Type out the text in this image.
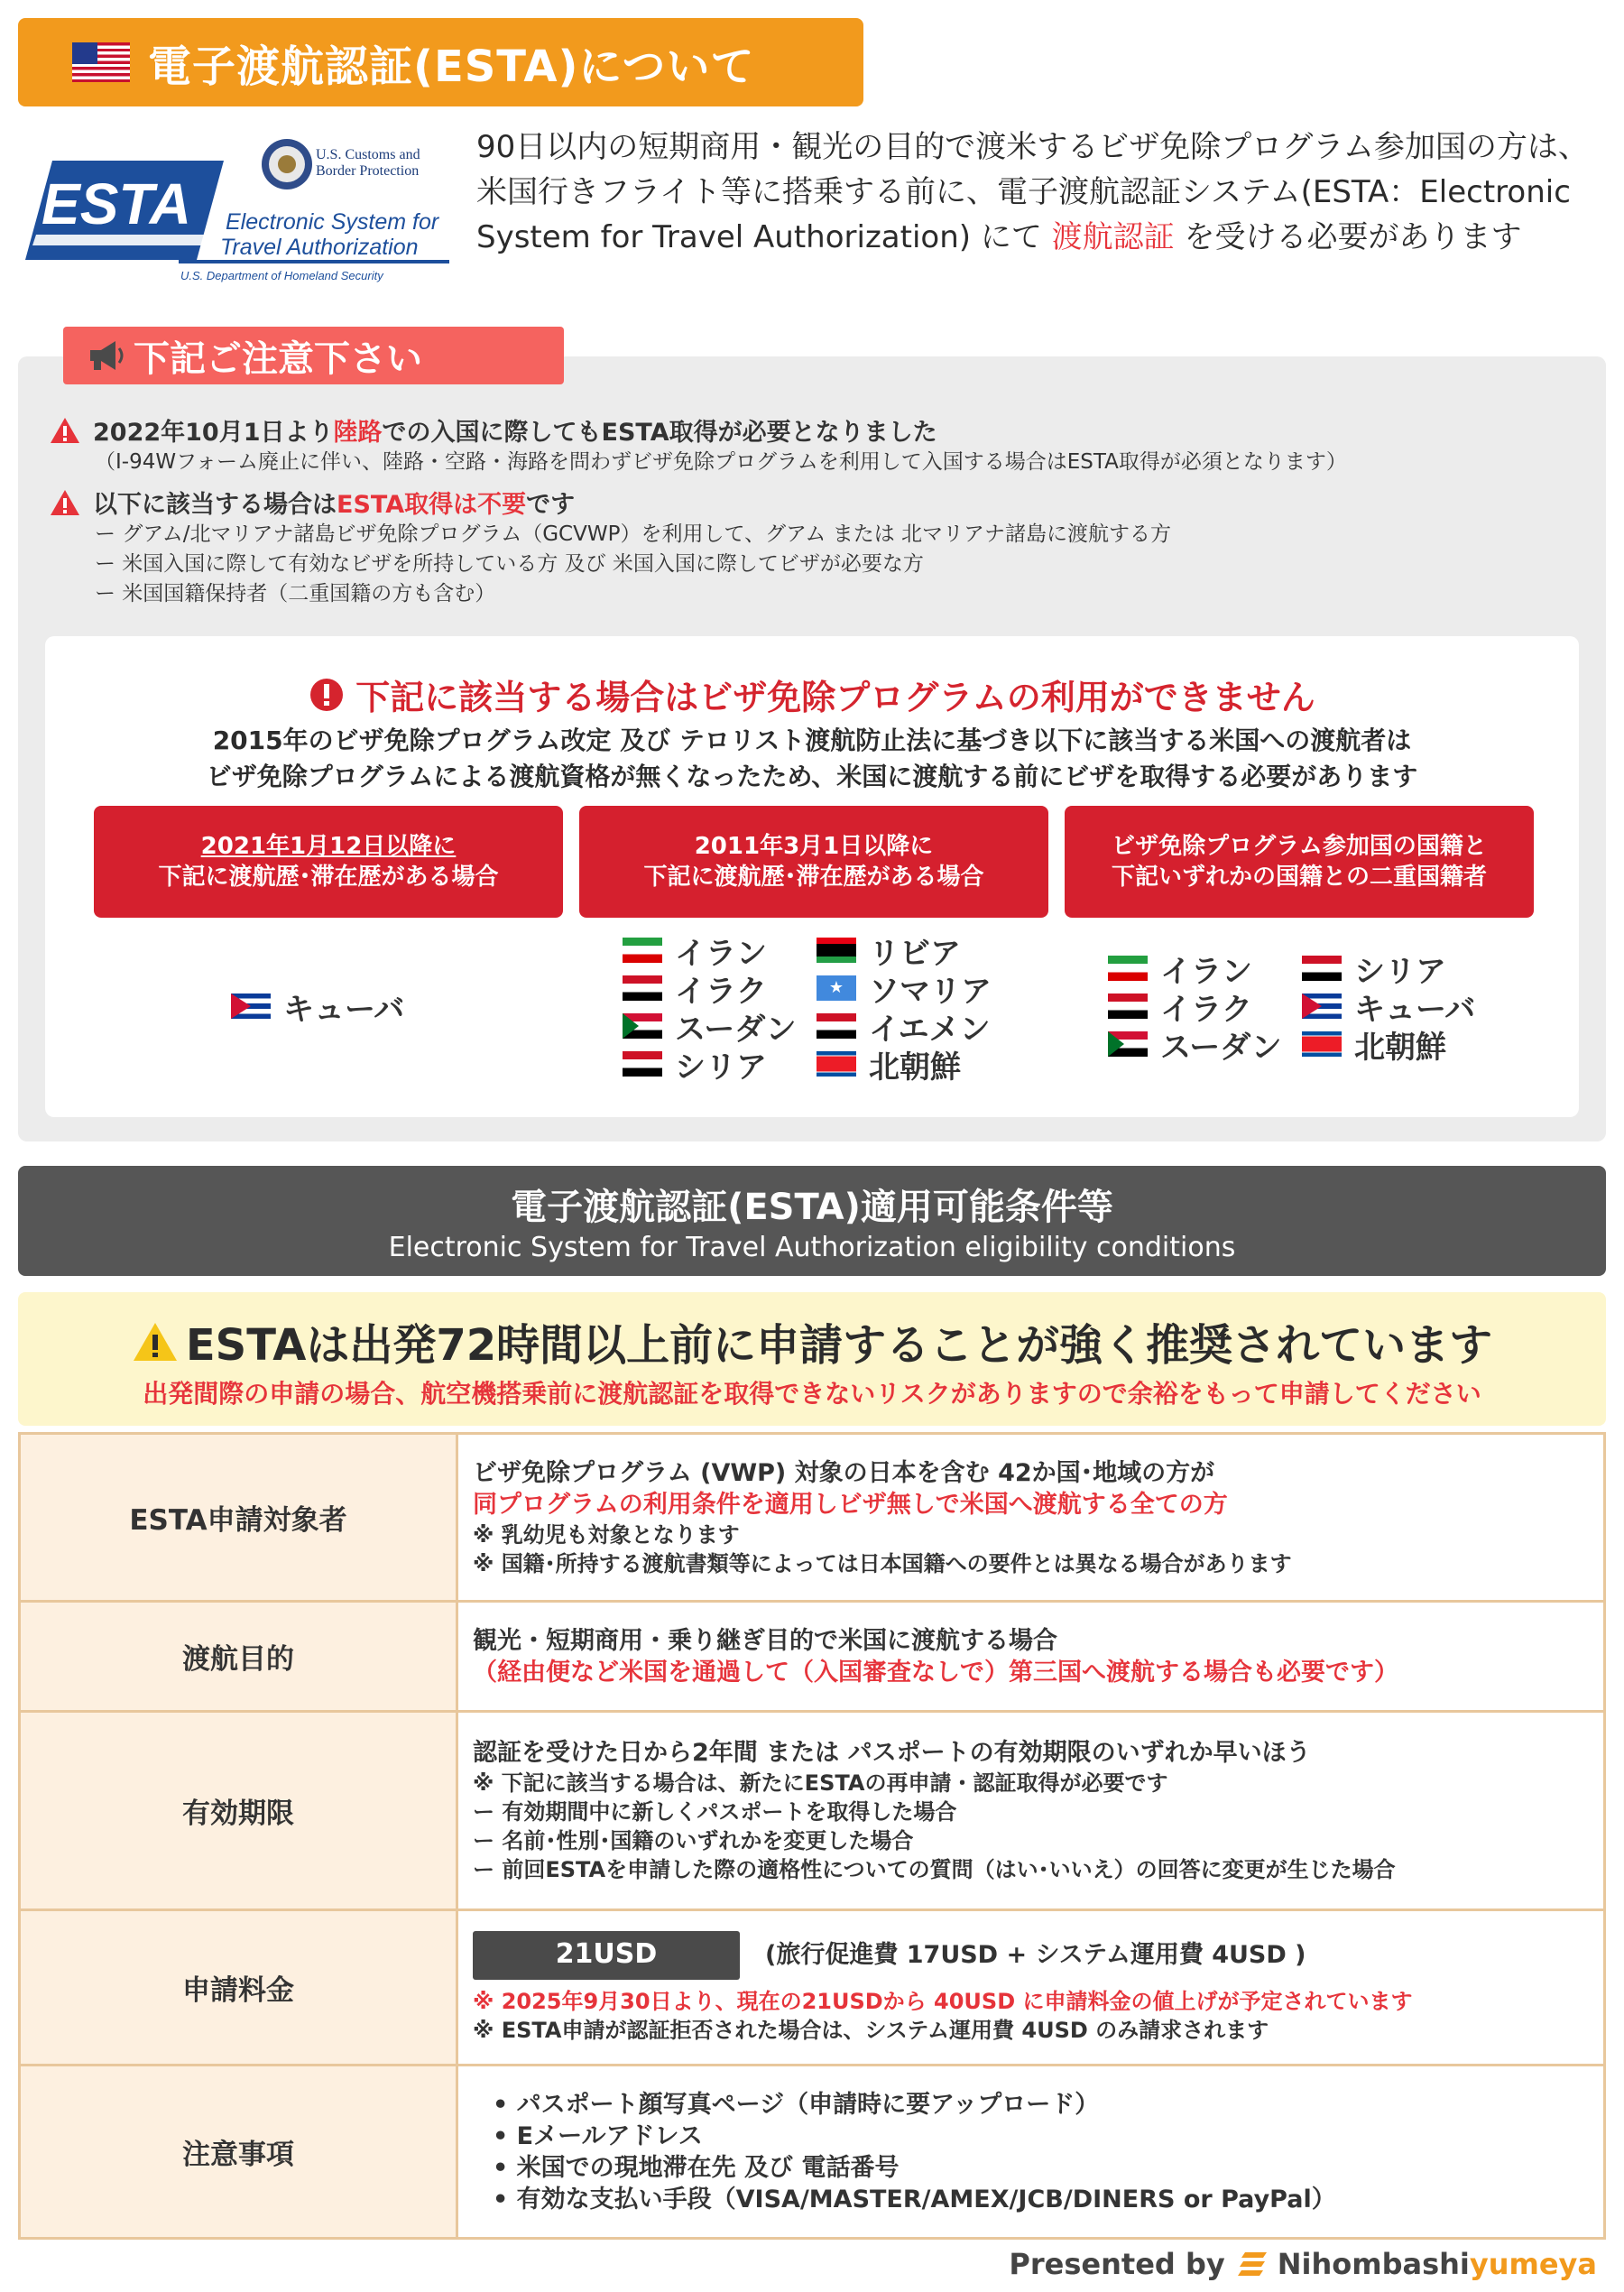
電子渡航認証(ESTA)について
ESTA Electronic System for
Travel Authorization
U.S. Department of Homeland Security
U.S. Customs and
Border Protection
90日以内の短期商用・観光の目的で渡米するビザ免除プログラム参加国の方は、米国行きフライト等に搭乗する前に、電子渡航認証システム(ESTA：Electronic System for Travel Authorization) にて 渡航認証 を受ける必要があります
下記ご注意下さい
2022年10月1日より 陸路 での入国に際してもESTA取得が必要となりました
（I-94Wフォーム廃止に伴い、陸路・空路・海路を問わずビザ免除プログラムを利用して入国する場合はESTA取得が必須となります）
以下に該当する場合は ESTA取得は不要 です
ー グアム/北マリアナ諸島ビザ免除プログラム（GCVWP）を利用して、グアム または 北マリアナ諸島に渡航する方
ー 米国入国に際して有効なビザを所持している方 及び 米国入国に際してビザが必要な方
ー 米国国籍保持者（二重国籍の方も含む）
下記に該当する場合はビザ免除プログラムの利用ができません
2015年のビザ免除プログラム改定 及び テロリスト渡航防止法に基づき以下に該当する米国への渡航者は
ビザ免除プログラムによる渡航資格が無くなったため、米国に渡航する前にビザを取得する必要があります
2021年1月12日以降に
下記に渡航歴･滞在歴がある場合
2011年3月1日以降に
下記に渡航歴･滞在歴がある場合
ビザ免除プログラム参加国の国籍と
下記いずれかの国籍との二重国籍者
キューバ
イラン
イラク
スーダン
シリア
リビア
★ ソマリア
イエメン
北朝鮮
イラン
イラク
スーダン
シリア
キューバ
北朝鮮
電子渡航認証(ESTA)適用可能条件等
Electronic System for Travel Authorization eligibility conditions
ESTAは出発72時間以上前に申請することが強く推奨されています
出発間際の申請の場合、航空機搭乗前に渡航認証を取得できないリスクがありますので余裕をもって申請してください
ESTA申請対象者	ビザ免除プログラム (VWP) 対象の日本を含む 42か国･地域の方が
同プログラムの利用条件を適用しビザ無しで米国へ渡航する全ての方
※ 乳幼児も対象となります
※ 国籍･所持する渡航書類等によっては日本国籍への要件とは異なる場合があります

渡航目的	観光・短期商用・乗り継ぎ目的で米国に渡航する場合
（経由便など米国を通過して（入国審査なしで）第三国へ渡航する場合も必要です）

有効期限	認証を受けた日から2年間 または パスポートの有効期限のいずれか早いほう
※ 下記に該当する場合は、新たにESTAの再申請・認証取得が必要です
ー 有効期間中に新しくパスポートを取得した場合
ー 名前･性別･国籍のいずれかを変更した場合
ー 前回ESTAを申請した際の適格性についての質問（はい･いいえ）の回答に変更が生じた場合

申請料金	21USD (旅行促進費 17USD + システム運用費 4USD )
※ 2025年9月30日より、現在の21USDから 40USD に申請料金の値上げが予定されています
※ ESTA申請が認証拒否された場合は、システム運用費 4USD のみ請求されます

注意事項	• パスポート顔写真ページ（申請時に要アップロード）
• Eメールアドレス
• 米国での現地滞在先 及び 電話番号
• 有効な支払い手段（VISA/MASTER/AMEX/JCB/DINERS or PayPal）
Presented by Nihombashi yumeya
